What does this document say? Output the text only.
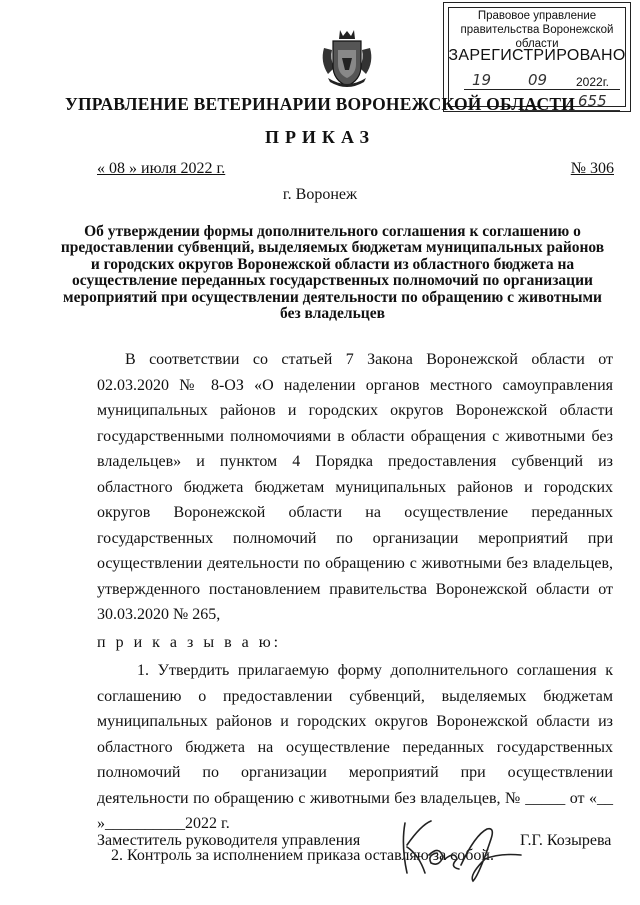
Правовое управление правительства Воронежской области
ЗАРЕГИСТРИРОВАНО
19 09 2022г.
УПРАВЛЕНИЕ ВЕТЕРИНАРИИ ВОРОНЕЖСКОЙ ОБЛАСТИ 655
ПРИКАЗ
« 08 » июля 2022 г.	№ 306
г. Воронеж
Об утверждении формы дополнительного соглашения к соглашению о предоставлении субвенций, выделяемых бюджетам муниципальных районов и городских округов Воронежской области из областного бюджета на осуществление переданных государственных полномочий по организации мероприятий при осуществлении деятельности по обращению с животными без владельцев

В соответствии со статьей 7 Закона Воронежской области от 02.03.2020 № 8-ОЗ «О наделении органов местного самоуправления муниципальных районов и городских округов Воронежской области государственными полномочиями в области обращения с животными без владельцев» и пунктом 4 Порядка предоставления субвенций из областного бюджета бюджетам муниципальных районов и городских округов Воронежской области на осуществление переданных государственных полномочий по организации мероприятий при осуществлении деятельности по обращению с животными без владельцев, утвержденного постановлением правительства Воронежской области от 30.03.2020 № 265,

п р и к а з ы в а ю:

1. Утвердить прилагаемую форму дополнительного соглашения к соглашению о предоставлении субвенций, выделяемых бюджетам муниципальных районов и городских округов Воронежской области из областного бюджета на осуществление переданных государственных полномочий по организации мероприятий при осуществлении деятельности по обращению с животными без владельцев, № _____ от «__ »__________2022 г.

2. Контроль за исполнением приказа оставляю за собой.

Заместитель руководителя управления	Г.Г. Козырева
